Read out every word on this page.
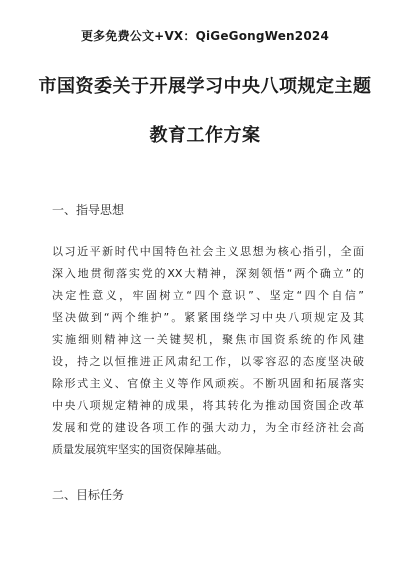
更多免费公文+VX：QiGeGongWen2024
市国资委关于开展学习中央八项规定主题
教育工作方案
一、指导思想
以习近平新时代中国特色社会主义思想为核心指引，全面
深入地贯彻落实党的XX大精神，深刻领悟“两个确立”的
决定性意义，牢固树立“四个意识”、坚定“四个自信”
坚决做到“两个维护”。紧紧围绕学习中央八项规定及其
实施细则精神这一关键契机，聚焦市国资系统的作风建
设，持之以恒推进正风肃纪工作，以零容忍的态度坚决破
除形式主义、官僚主义等作风顽疾。不断巩固和拓展落实
中央八项规定精神的成果，将其转化为推动国资国企改革
发展和党的建设各项工作的强大动力，为全市经济社会高
质量发展筑牢坚实的国资保障基础。
二、目标任务
